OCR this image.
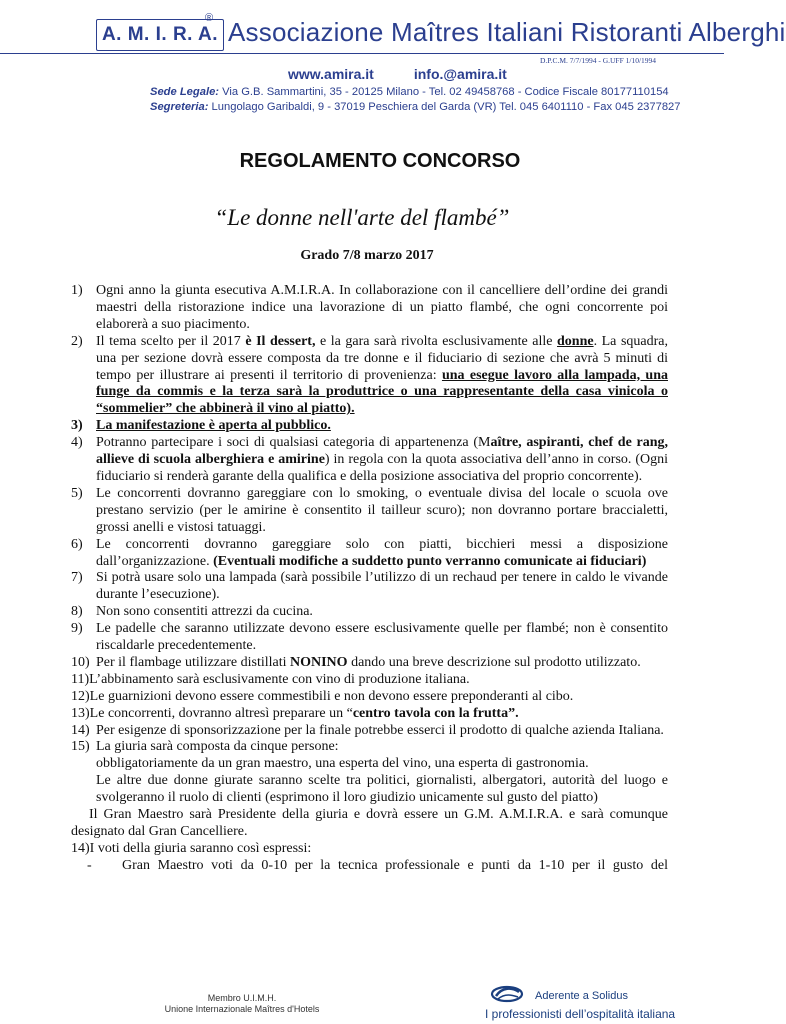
A. M. I. R. A.
® Associazione Maîtres Italiani Ristoranti Alberghi
D.P.C.M. 7/7/1994 - G.UFF 1/10/1994
www.amira.it	info.@amira.it
Sede Legale: Via G.B. Sammartini, 35 - 20125 Milano - Tel. 02 49458768 - Codice Fiscale 80177110154
Segreteria: Lungolago Garibaldi, 9 - 37019 Peschiera del Garda (VR) Tel. 045 6401110 - Fax 045 2377827
REGOLAMENTO CONCORSO
“Le donne nell'arte del flambé”
Grado 7/8 marzo 2017
1) Ogni anno la giunta esecutiva A.M.I.R.A. In collaborazione con il cancelliere dell’ordine dei grandi maestri della ristorazione indice una lavorazione di un piatto flambé, che ogni concorrente poi elaborerà a suo piacimento.
2) Il tema scelto per il 2017 è Il dessert, e la gara sarà rivolta esclusivamente alle donne. La squadra, una per sezione dovrà essere composta da tre donne e il fiduciario di sezione che avrà 5 minuti di tempo per illustrare ai presenti il territorio di provenienza: una esegue lavoro alla lampada, una funge da commis e la terza sarà la produttrice o una rappresentante della casa vinicola o “sommelier” che abbinerà il vino al piatto).
3) La manifestazione è aperta al pubblico.
4) Potranno partecipare i soci di qualsiasi categoria di appartenenza (Maître, aspiranti, chef de rang, allieve di scuola alberghiera e amirine) in regola con la quota associativa dell’anno in corso. (Ogni fiduciario si renderà garante della qualifica e della posizione associativa del proprio concorrente).
5) Le concorrenti dovranno gareggiare con lo smoking, o eventuale divisa del locale o scuola ove prestano servizio (per le amirine è consentito il tailleur scuro); non dovranno portare braccialetti, grossi anelli e vistosi tatuaggi.
6) Le concorrenti dovranno gareggiare solo con piatti, bicchieri messi a disposizione dall’organizzazione. (Eventuali modifiche a suddetto punto verranno comunicate ai fiduciari)
7) Si potrà usare solo una lampada (sarà possibile l’utilizzo di un rechaud per tenere in caldo le vivande durante l’esecuzione).
8) Non sono consentiti attrezzi da cucina.
9) Le padelle che saranno utilizzate devono essere esclusivamente quelle per flambé; non è consentito riscaldarle precedentemente.
10) Per il flambage utilizzare distillati NONINO dando una breve descrizione sul prodotto utilizzato.
11) L’abbinamento sarà esclusivamente con vino di produzione italiana.
12) Le guarnizioni devono essere commestibili e non devono essere preponderanti al cibo.
13) Le concorrenti, dovranno altresì preparare un “centro tavola con la frutta”.
14) Per esigenze di sponsorizzazione per la finale potrebbe esserci il prodotto di qualche azienda Italiana.
15) La giuria sarà composta da cinque persone:
obbligatoriamente da un gran maestro, una esperta del vino, una esperta di gastronomia.
Le altre due donne giurate saranno scelte tra politici, giornalisti, albergatori, autorità del luogo e svolgeranno il ruolo di clienti (esprimono il loro giudizio unicamente sul gusto del piatto)
Il Gran Maestro sarà Presidente della giuria e dovrà essere un G.M. A.M.I.R.A. e sarà comunque designato dal Gran Cancelliere.
14) I voti della giuria saranno così espressi:
-	Gran Maestro voti da 0-10 per la tecnica professionale e punti da 1-10 per il gusto del
Membro U.I.M.H.
Unione Internazionale Maîtres d'Hotels
Aderente a Solidus
I professionisti dell’ospitalità italiana
